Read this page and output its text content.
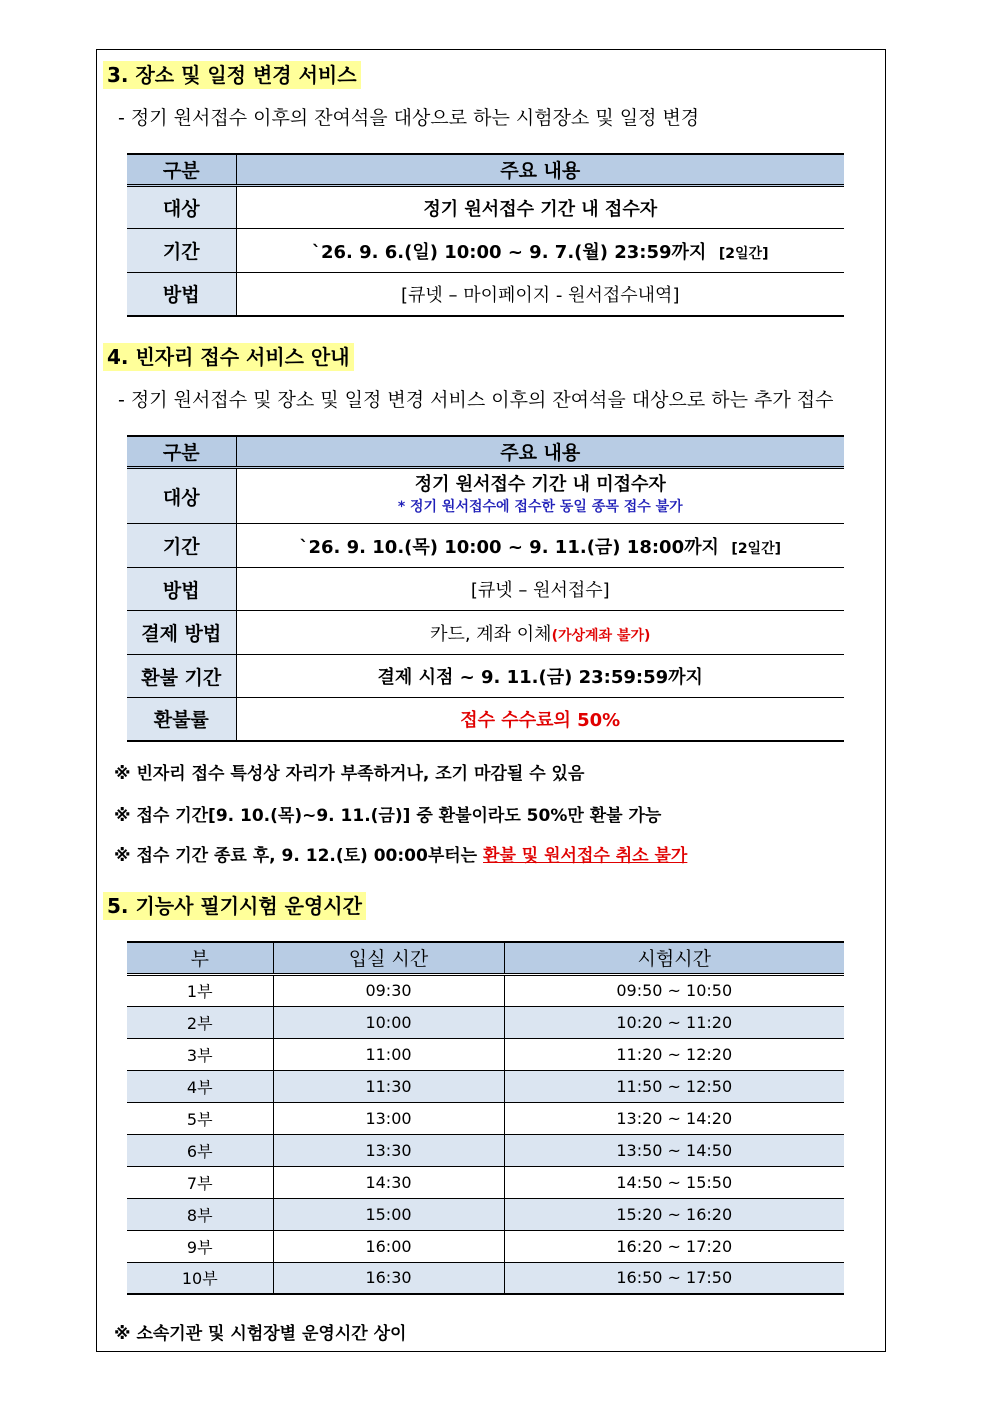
3. 장소 및 일정 변경 서비스
- 정기 원서접수 이후의 잔여석을 대상으로 하는 시험장소 및 일정 변경
구분	주요 내용
대상	정기 원서접수 기간 내 접수자
기간	`26. 9. 6.(일) 10:00 ~ 9. 7.(월) 23:59까지 [2일간]
방법	[큐넷 – 마이페이지 - 원서접수내역]
4. 빈자리 접수 서비스 안내
- 정기 원서접수 및 장소 및 일정 변경 서비스 이후의 잔여석을 대상으로 하는 추가 접수
구분	주요 내용
대상	정기 원서접수 기간 내 미접수자
* 정기 원서접수에 접수한 동일 종목 접수 불가

기간	`26. 9. 10.(목) 10:00 ~ 9. 11.(금) 18:00까지 [2일간]
방법	[큐넷 – 원서접수]
결제 방법	카드, 계좌 이체(가상계좌 불가)
환불 기간	결제 시점 ~ 9. 11.(금) 23:59:59까지
환불률	접수 수수료의 50%
※ 빈자리 접수 특성상 자리가 부족하거나, 조기 마감될 수 있음
※ 접수 기간[9. 10.(목)~9. 11.(금)] 중 환불이라도 50%만 환불 가능
※ 접수 기간 종료 후, 9. 12.(토) 00:00부터는 환불 및 원서접수 취소 불가
5. 기능사 필기시험 운영시간
부	입실 시간	시험시간
1부	09:30	09:50 ~ 10:50
2부	10:00	10:20 ~ 11:20
3부	11:00	11:20 ~ 12:20
4부	11:30	11:50 ~ 12:50
5부	13:00	13:20 ~ 14:20
6부	13:30	13:50 ~ 14:50
7부	14:30	14:50 ~ 15:50
8부	15:00	15:20 ~ 16:20
9부	16:00	16:20 ~ 17:20
10부	16:30	16:50 ~ 17:50
※ 소속기관 및 시험장별 운영시간 상이
